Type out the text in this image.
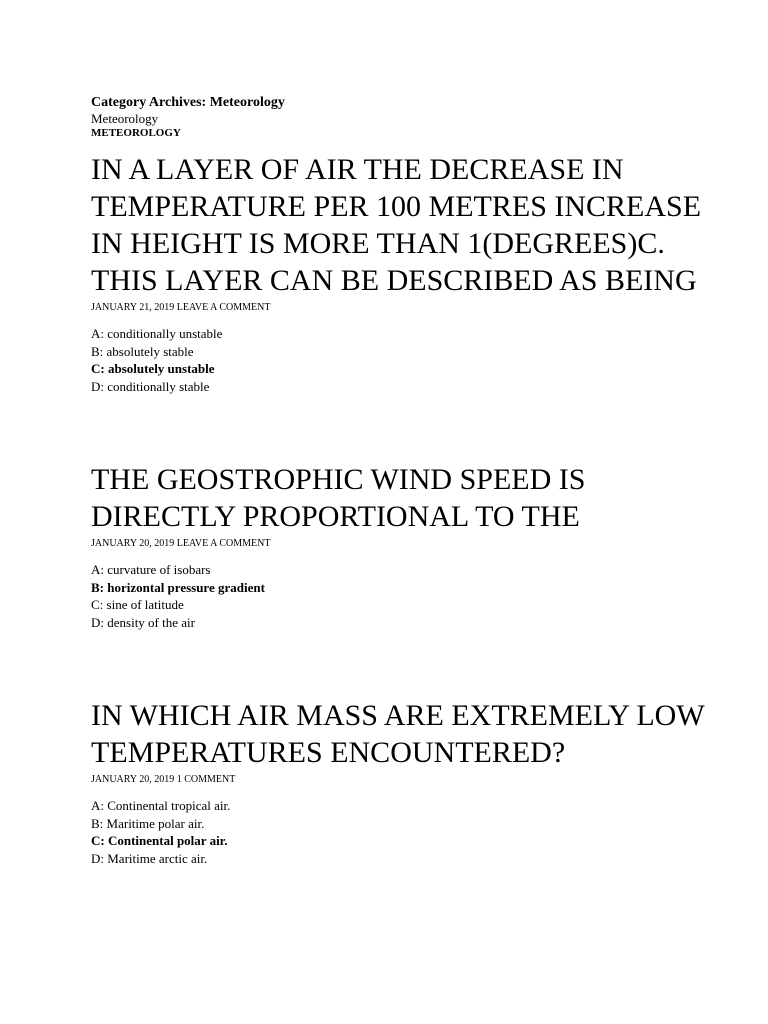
Category Archives: Meteorology
Meteorology
METEOROLOGY
IN A LAYER OF AIR THE DECREASE IN TEMPERATURE PER 100 METRES INCREASE IN HEIGHT IS MORE THAN 1(DEGREES)C. THIS LAYER CAN BE DESCRIBED AS BEING
JANUARY 21, 2019 LEAVE A COMMENT
A: conditionally unstable
B: absolutely stable
C: absolutely unstable
D: conditionally stable
THE GEOSTROPHIC WIND SPEED IS DIRECTLY PROPORTIONAL TO THE
JANUARY 20, 2019 LEAVE A COMMENT
A: curvature of isobars
B: horizontal pressure gradient
C: sine of latitude
D: density of the air
IN WHICH AIR MASS ARE EXTREMELY LOW TEMPERATURES ENCOUNTERED?
JANUARY 20, 2019 1 COMMENT
A: Continental tropical air.
B: Maritime polar air.
C: Continental polar air.
D: Maritime arctic air.
